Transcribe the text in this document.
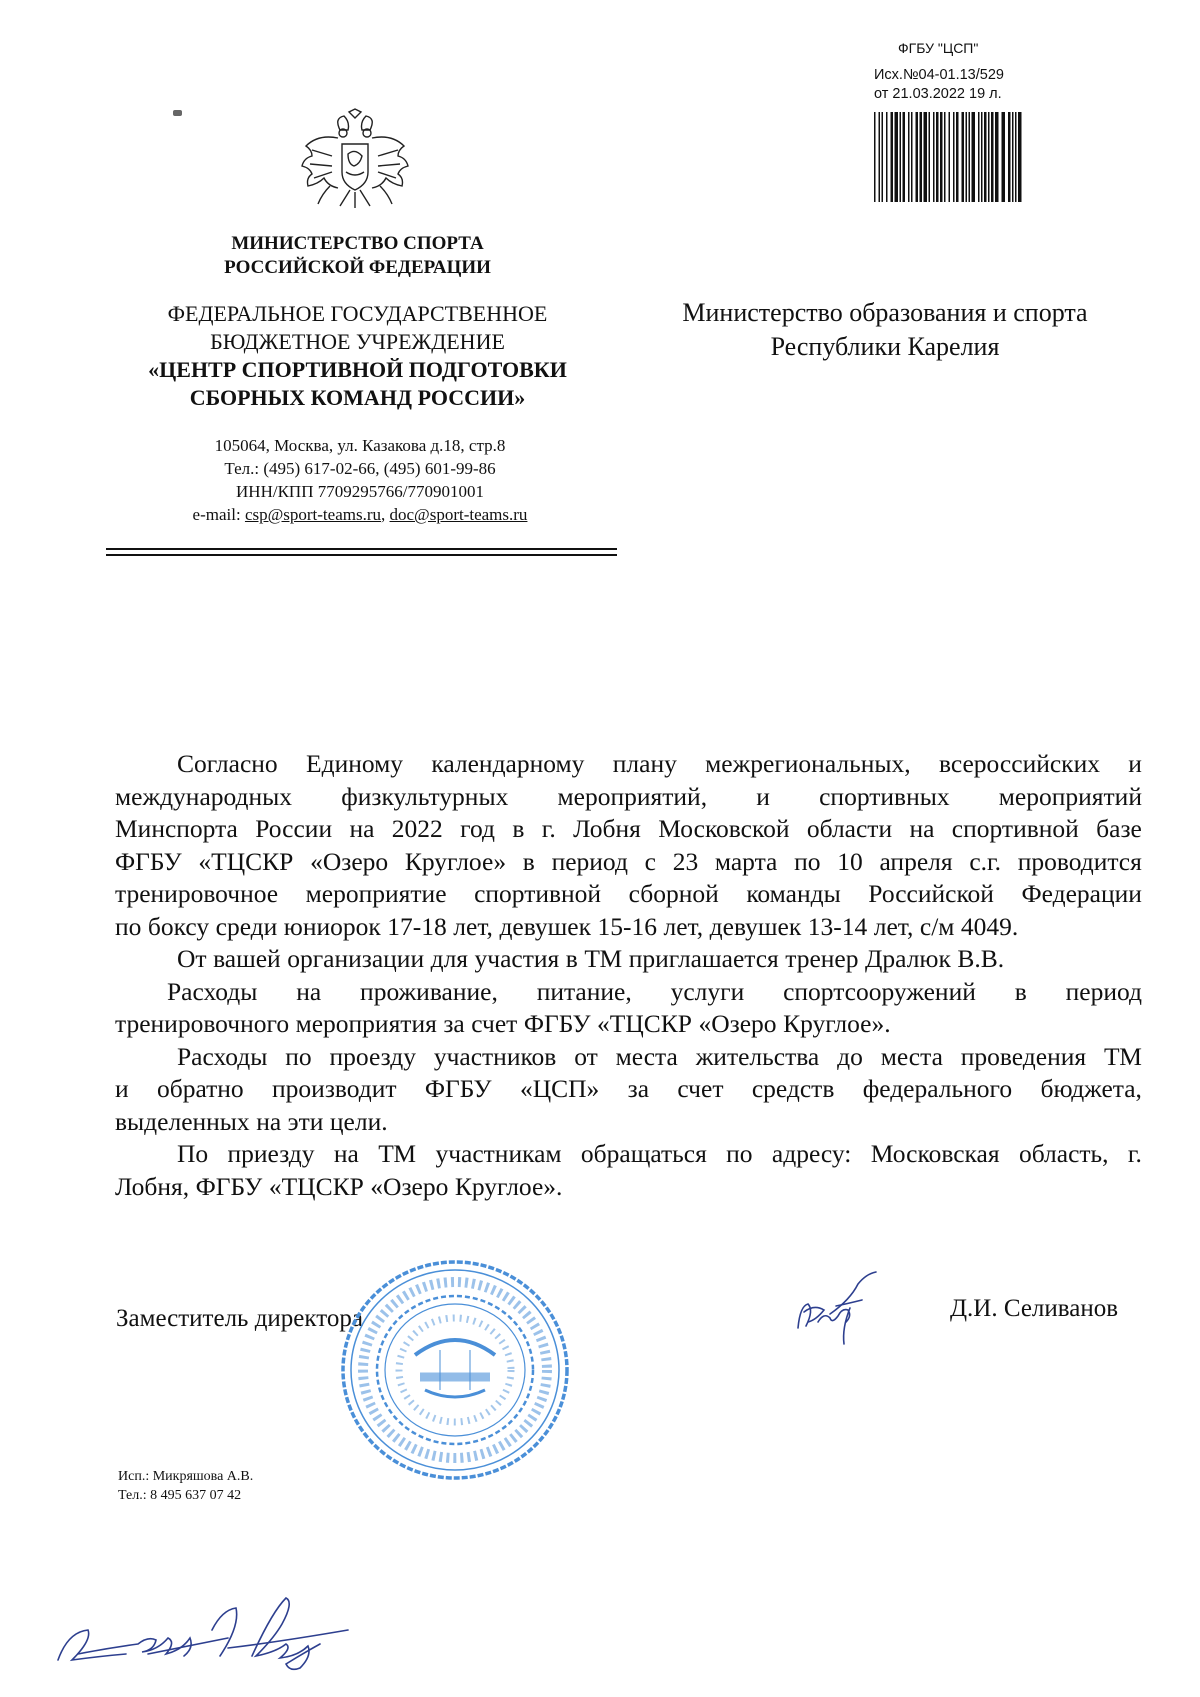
ФГБУ "ЦСП"
Исх.№04-01.13/529
от 21.03.2022 19 л.
МИНИСТЕРСТВО СПОРТА
РОССИЙСКОЙ ФЕДЕРАЦИИ
ФЕДЕРАЛЬНОЕ ГОСУДАРСТВЕННОЕ
БЮДЖЕТНОЕ УЧРЕЖДЕНИЕ
«ЦЕНТР СПОРТИВНОЙ ПОДГОТОВКИ
СБОРНЫХ КОМАНД РОССИИ»
105064, Москва, ул. Казакова д.18, стр.8
Тел.: (495) 617-02-66, (495) 601-99-86
ИНН/КПП 7709295766/770901001
e-mail: csp@sport-teams.ru, doc@sport-teams.ru
Министерство образования и спорта
Республики Карелия
Согласно Единому календарному плану межрегиональных, всероссийских и
международных физкультурных мероприятий, и спортивных мероприятий
Минспорта России на 2022 год в г. Лобня Московской области на спортивной базе
ФГБУ «ТЦСКР «Озеро Круглое» в период с 23 марта по 10 апреля с.г. проводится
тренировочное мероприятие спортивной сборной команды Российской Федерации
по боксу среди юниорок 17-18 лет, девушек 15-16 лет, девушек 13-14 лет, с/м 4049.
От вашей организации для участия в ТМ приглашается тренер Дралюк В.В.
Расходы на проживание, питание, услуги спортсооружений в период
тренировочного мероприятия за счет ФГБУ «ТЦСКР «Озеро Круглое».
Расходы по проезду участников от места жительства до места проведения ТМ
и обратно производит ФГБУ «ЦСП» за счет средств федерального бюджета,
выделенных на эти цели.
По приезду на ТМ участникам обращаться по адресу: Московская область, г.
Лобня, ФГБУ «ТЦСКР «Озеро Круглое».
Заместитель директора	Д.И. Селиванов
Исп.: Микряшова А.В.
Тел.: 8 495 637 07 42
